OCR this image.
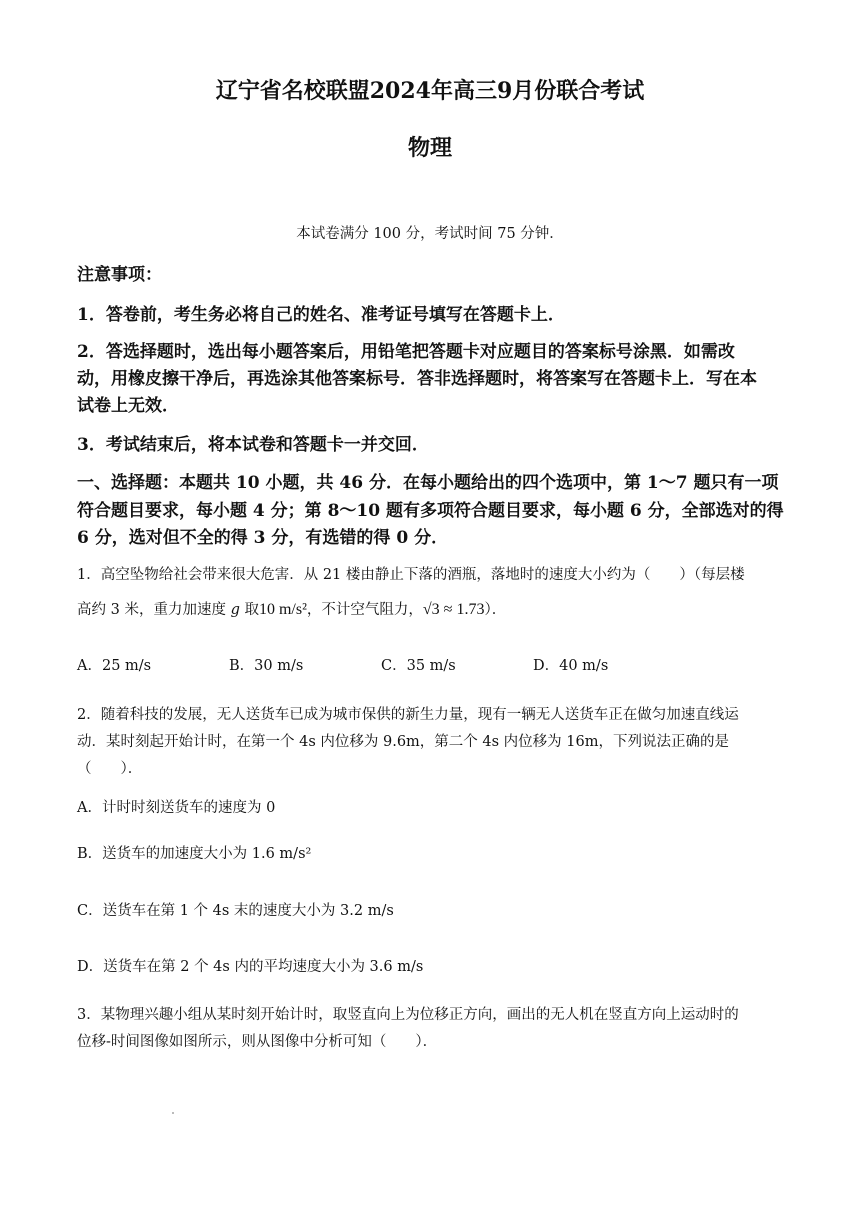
辽宁省名校联盟2024年高三9月份联合考试
物理
本试卷满分 100 分，考试时间 75 分钟．
注意事项：
1．答卷前，考生务必将自己的姓名、准考证号填写在答题卡上．
2．答选择题时，选出每小题答案后，用铅笔把答题卡对应题目的答案标号涂黑．如需改
动，用橡皮擦干净后，再选涂其他答案标号．答非选择题时，将答案写在答题卡上．写在本
试卷上无效．
3．考试结束后，将本试卷和答题卡一并交回．
一、选择题：本题共 10 小题，共 46 分．在每小题给出的四个选项中，第 1～7 题只有一项
符合题目要求，每小题 4 分；第 8～10 题有多项符合题目要求，每小题 6 分，全部选对的得
6 分，选对但不全的得 3 分，有选错的得 0 分．
1．高空坠物给社会带来很大危害．从 21 楼由静止下落的酒瓶，落地时的速度大小约为（　　）（每层楼
高约 3 米，重力加速度 g 取10 m/s²，不计空气阻力，√3 ≈ 1.73）．
A．25 m/s	B．30 m/s	C．35 m/s	D．40 m/s
2．随着科技的发展，无人送货车已成为城市保供的新生力量，现有一辆无人送货车正在做匀加速直线运
动．某时刻起开始计时，在第一个 4s 内位移为 9.6m，第二个 4s 内位移为 16m，下列说法正确的是
（　　）．
A．计时时刻送货车的速度为 0
B．送货车的加速度大小为 1.6 m/s²
C．送货车在第 1 个 4s 末的速度大小为 3.2 m/s
D．送货车在第 2 个 4s 内的平均速度大小为 3.6 m/s
3．某物理兴趣小组从某时刻开始计时，取竖直向上为位移正方向，画出的无人机在竖直方向上运动时的
位移-时间图像如图所示，则从图像中分析可知（　　）．
